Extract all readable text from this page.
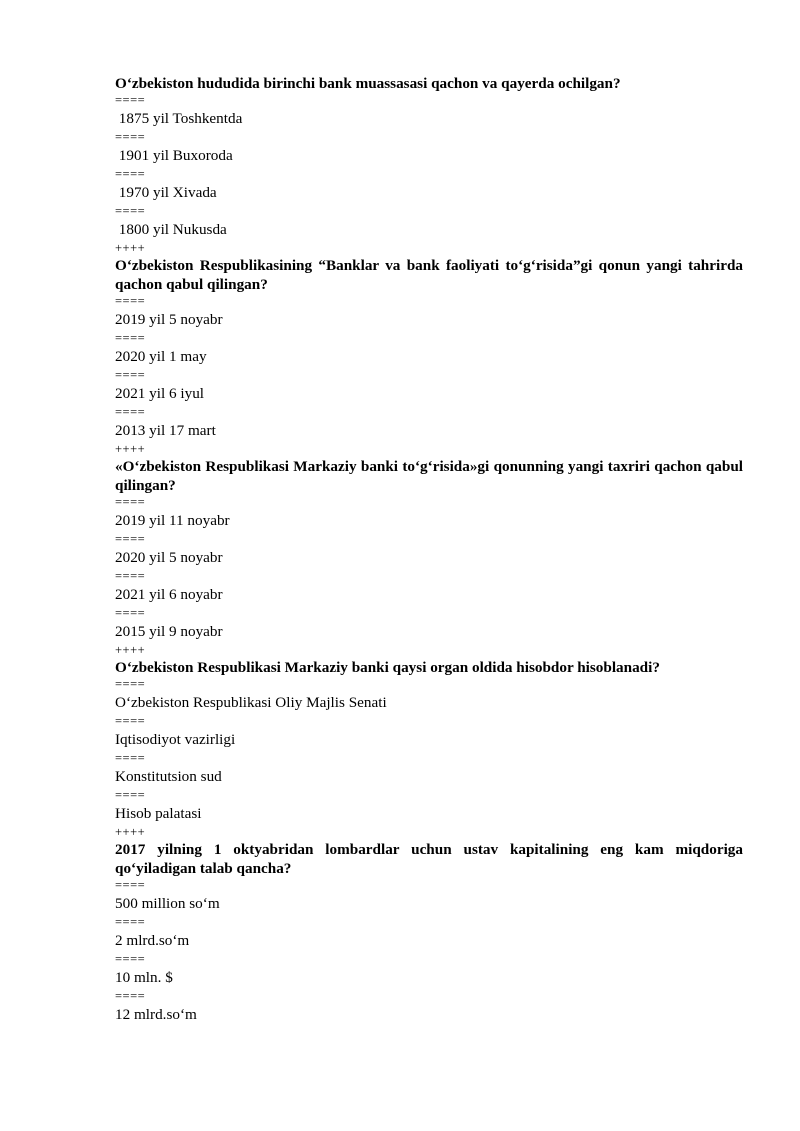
O‘zbekiston hududida birinchi bank muassasasi qachon va qayerda ochilgan?

====
1875 yil Toshkentda
====
1901 yil Buxoroda
====
1970 yil Xivada
====
1800 yil Nukusda
++++

O‘zbekiston Respublikasining “Banklar va bank faoliyati to‘g‘risida”gi qonun yangi tahrirda qachon qabul qilingan?

====
2019 yil 5 noyabr
====
2020 yil 1 may
====
2021 yil 6 iyul
====
2013 yil 17 mart
++++

«O‘zbekiston Respublikasi Markaziy banki to‘g‘risida»gi qonunning yangi taxriri qachon qabul qilingan?

====
2019 yil 11 noyabr
====
2020 yil 5 noyabr
====
2021 yil 6 noyabr
====
2015 yil 9 noyabr
++++

O‘zbekiston Respublikasi Markaziy banki qaysi organ oldida hisobdor hisoblanadi?

====
O‘zbekiston Respublikasi Oliy Majlis Senati
====
Iqtisodiyot vazirligi
====
Konstitutsion sud
====
Hisob palatasi
++++

2017 yilning 1 oktyabridan lombardlar uchun ustav kapitalining eng kam miqdoriga qo‘yiladigan talab qancha?

====
500 million so‘m
====
2 mlrd.so‘m
====
10 mln. $
====
12 mlrd.so‘m
